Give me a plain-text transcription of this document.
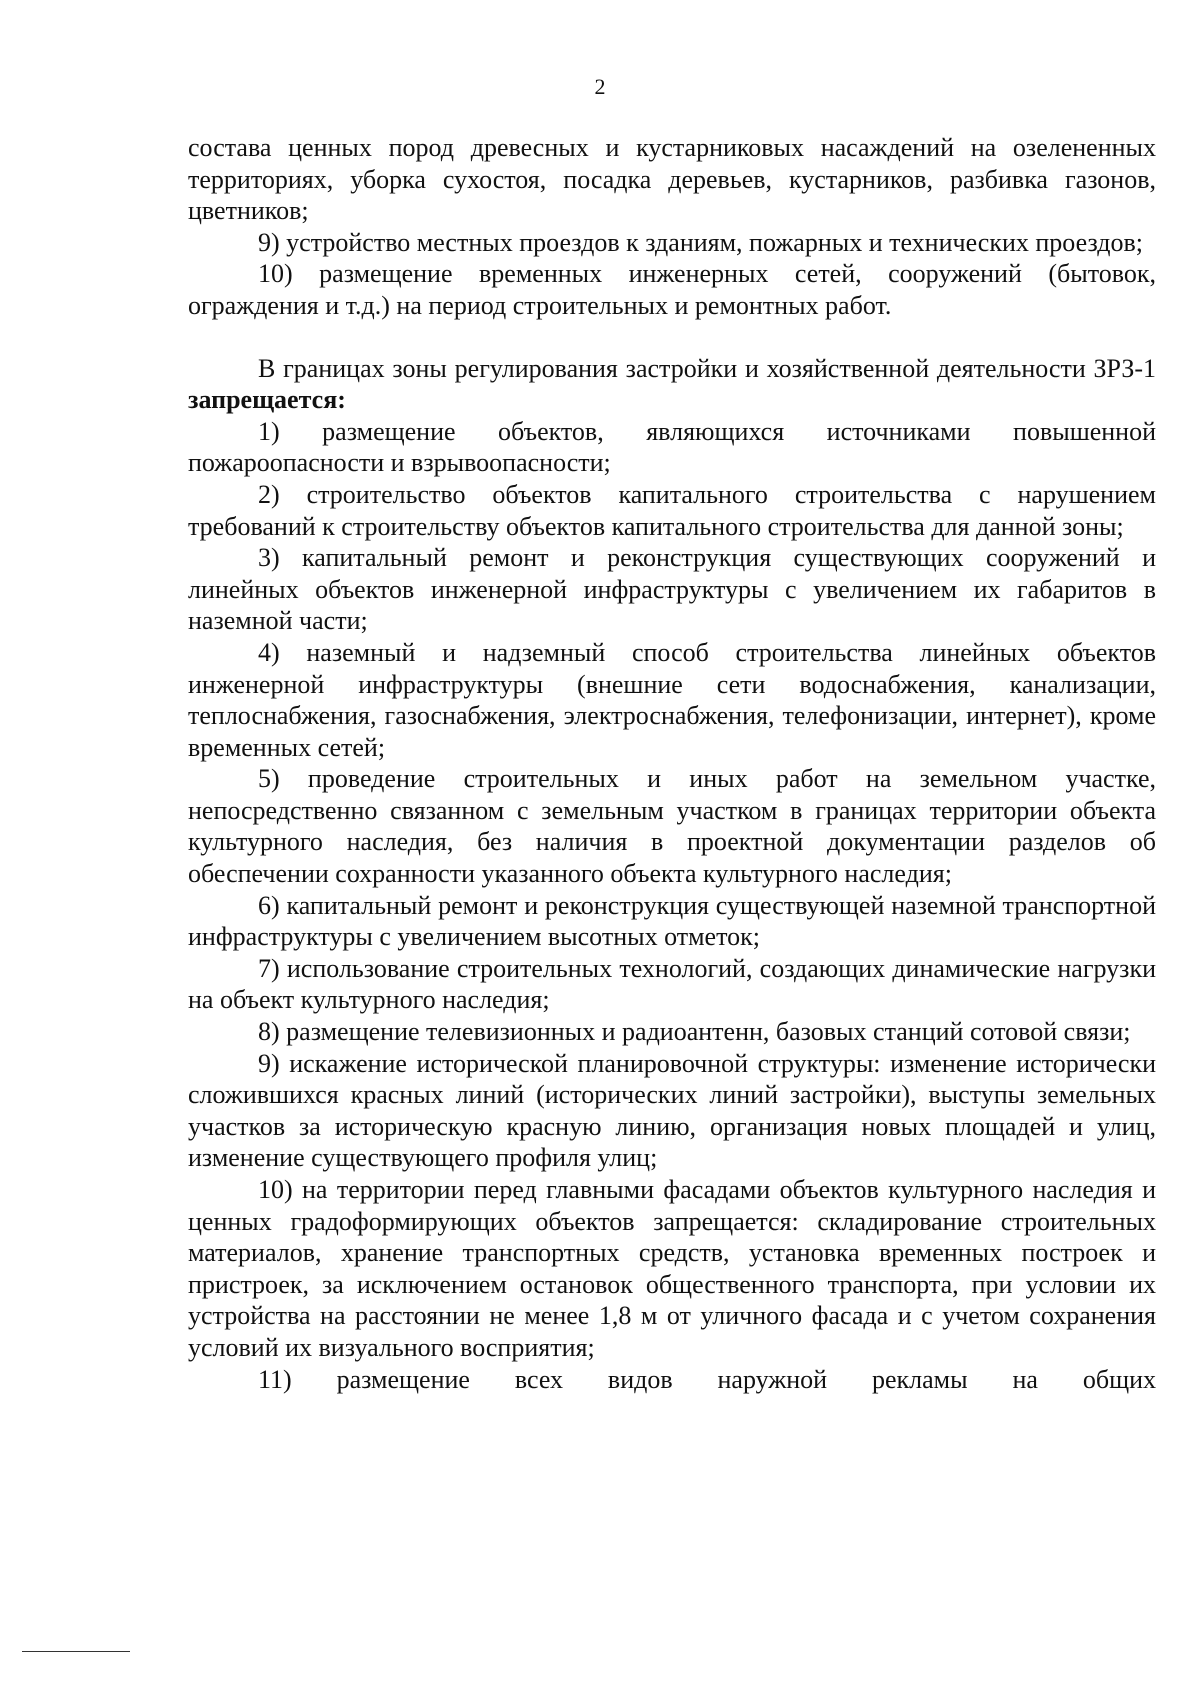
2

состава ценных пород древесных и кустарниковых насаждений на озелененных территориях, уборка сухостоя, посадка деревьев, кустарников, разбивка газонов, цветников;

9) устройство местных проездов к зданиям, пожарных и технических проездов;

10) размещение временных инженерных сетей, сооружений (бытовок, ограждения и т.д.) на период строительных и ремонтных работ.

В границах зоны регулирования застройки и хозяйственной деятельности ЗРЗ-1 запрещается:

1) размещение объектов, являющихся источниками повышенной пожароопасности и взрывоопасности;

2) строительство объектов капитального строительства с нарушением требований к строительству объектов капитального строительства для данной зоны;

3) капитальный ремонт и реконструкция существующих сооружений и линейных объектов инженерной инфраструктуры с увеличением их габаритов в наземной части;

4) наземный и надземный способ строительства линейных объектов инженерной инфраструктуры (внешние сети водоснабжения, канализации, теплоснабжения, газоснабжения, электроснабжения, телефонизации, интернет), кроме временных сетей;

5) проведение строительных и иных работ на земельном участке, непосредственно связанном с земельным участком в границах территории объекта культурного наследия, без наличия в проектной документации разделов об обеспечении сохранности указанного объекта культурного наследия;

6) капитальный ремонт и реконструкция существующей наземной транспортной инфраструктуры с увеличением высотных отметок;

7) использование строительных технологий, создающих динамические нагрузки на объект культурного наследия;

8) размещение телевизионных и радиоантенн, базовых станций сотовой связи;

9) искажение исторической планировочной структуры: изменение исторически сложившихся красных линий (исторических линий застройки), выступы земельных участков за историческую красную линию, организация новых площадей и улиц, изменение существующего профиля улиц;

10) на территории перед главными фасадами объектов культурного наследия и ценных градоформирующих объектов запрещается: складирование строительных материалов, хранение транспортных средств, установка временных построек и пристроек, за исключением остановок общественного транспорта, при условии их устройства на расстоянии не менее 1,8 м от уличного фасада и с учетом сохранения условий их визуального восприятия;

11) размещение всех видов наружной рекламы на общих
